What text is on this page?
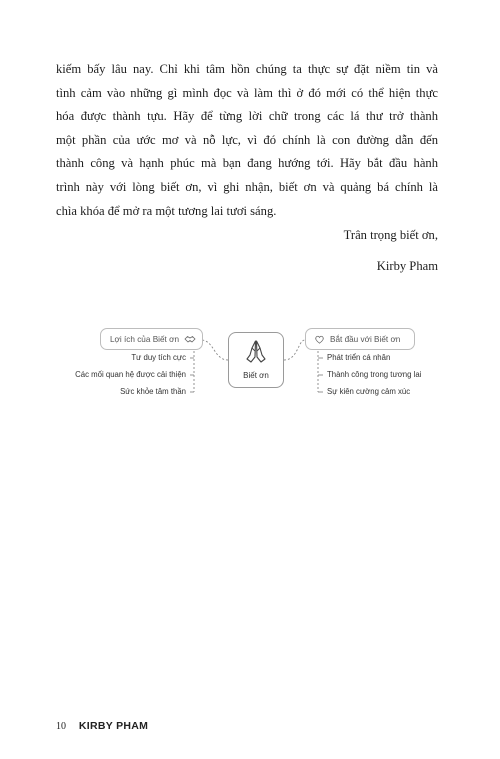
kiếm bấy lâu nay. Chỉ khi tâm hồn chúng ta thực sự đặt niềm tin và
tình cảm vào những gì mình đọc và làm thì ở đó mới có thể hiện thực
hóa được thành tựu. Hãy để từng lời chữ trong các lá thư trở thành
một phần của ước mơ và nỗ lực, vì đó chính là con đường dẫn đến
thành công và hạnh phúc mà bạn đang hướng tới. Hãy bắt đầu hành
trình này với lòng biết ơn, vì ghi nhận, biết ơn và quảng bá chính là
chìa khóa để mở ra một tương lai tươi sáng.
Trân trọng biết ơn,
Kirby Pham
Lợi ích của Biết ơn	Bắt đầu với Biết ơn
Biết ơn
Tư duy tích cực
Các mối quan hệ được cải thiện
Sức khỏe tâm thần
Phát triển cá nhân
Thành công trong tương lai
Sự kiên cường cảm xúc
10 KIRBY PHAM
